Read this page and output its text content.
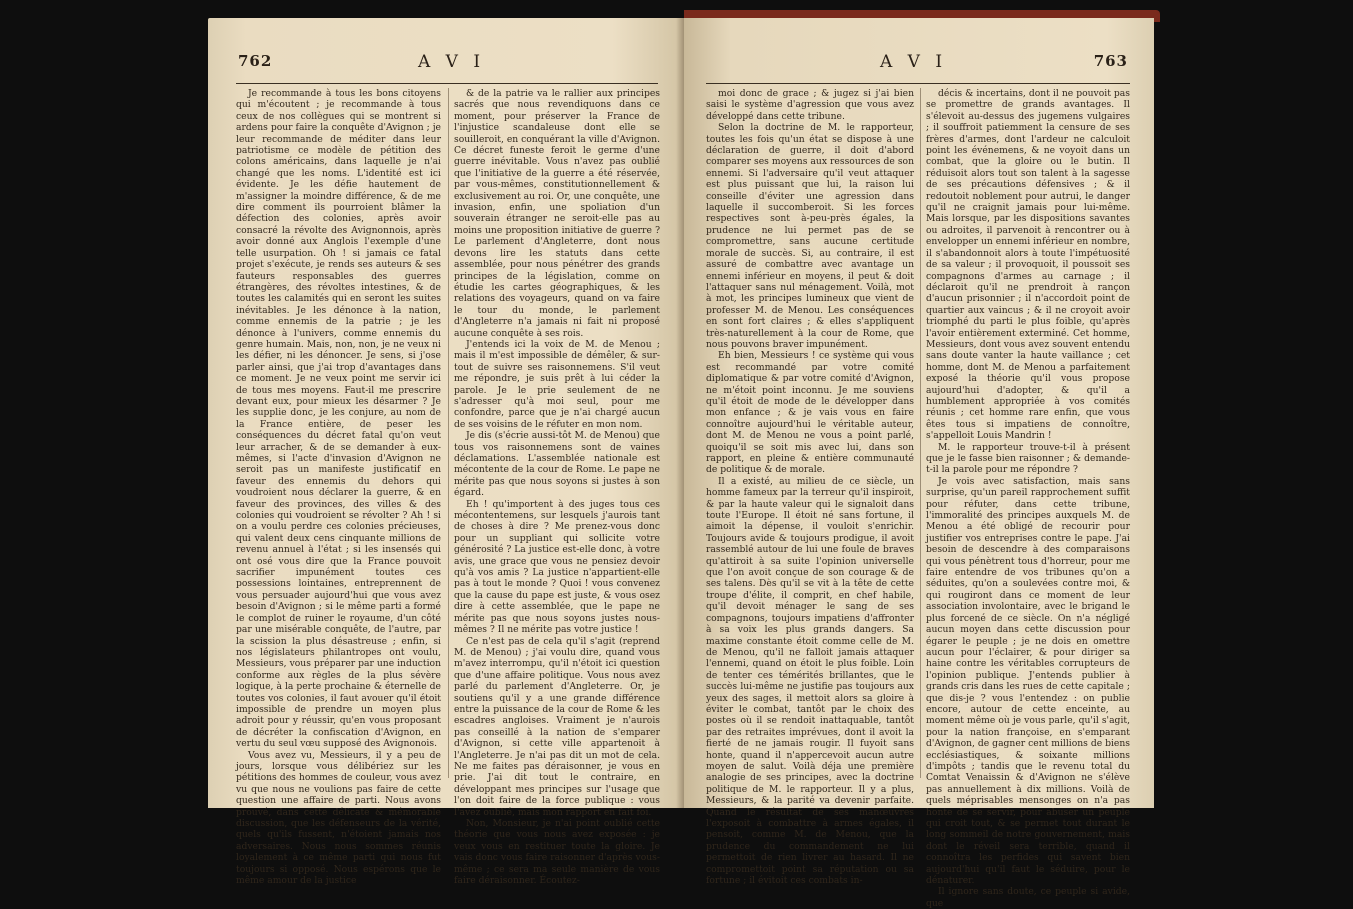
762	A V I

Je recommande à tous les bons citoyens qui m'écoutent ; je recommande à tous ceux de nos collègues qui se montrent si ardens pour faire la conquête d'Avignon ; je leur recommande de méditer dans leur patriotisme ce modèle de pétition des colons américains, dans laquelle je n'ai changé que les noms. L'identité est ici évidente. Je les défie hautement de m'assigner la moindre différence, & de me dire comment ils pourroient blâmer la défection des colonies, après avoir consacré la révolte des Avignonnois, après avoir donné aux Anglois l'exemple d'une telle usurpation. Oh ! si jamais ce fatal projet s'exécute, je rends ses auteurs & ses fauteurs responsables des guerres étrangères, des révoltes intestines, & de toutes les calamités qui en seront les suites inévitables. Je les dénonce à la nation, comme ennemis de la patrie ; je les dénonce à l'univers, comme ennemis du genre humain. Mais, non, non, je ne veux ni les défier, ni les dénoncer. Je sens, si j'ose parler ainsi, que j'ai trop d'avantages dans ce moment. Je ne veux point me servir ici de tous mes moyens. Faut-il me prescrire devant eux, pour mieux les désarmer ? Je les supplie donc, je les conjure, au nom de la France entière, de peser les conséquences du décret fatal qu'on veut leur arracher, & de se demander à eux-mêmes, si l'acte d'invasion d'Avignon ne seroit pas un manifeste justificatif en faveur des ennemis du dehors qui voudroient nous déclarer la guerre, & en faveur des provinces, des villes & des colonies qui voudroient se révolter ? Ah ! si on a voulu perdre ces colonies précieuses, qui valent deux cens cinquante millions de revenu annuel à l'état ; si les insensés qui ont osé vous dire que la France pouvoit sacrifier impunément toutes ces possessions lointaines, entreprennent de vous persuader aujourd'hui que vous avez besoin d'Avignon ; si le même parti a formé le complot de ruiner le royaume, d'un côté par une misérable conquête, de l'autre, par la scission la plus désastreuse ; enfin, si nos législateurs philantropes ont voulu, Messieurs, vous préparer par une induction conforme aux règles de la plus sévère logique, à la perte prochaine & éternelle de toutes vos colonies, il faut avouer qu'il étoit impossible de prendre un moyen plus adroit pour y réussir, qu'en vous proposant de décréter la confiscation d'Avignon, en vertu du seul vœu supposé des Avignonois.

Vous avez vu, Messieurs, il y a peu de jours, lorsque vous délibériez sur les pétitions des hommes de couleur, vous avez vu que nous ne voulions pas faire de cette question une affaire de parti. Nous avons prouvé, dans cette délicate & mémorable discussion, que les défenseurs de la vérité, quels qu'ils fussent, n'étoient jamais nos adversaires. Nous nous sommes réunis loyalement à ce même parti qui nous fut toujours si opposé. Nous espérons que le même amour de la justice

& de la patrie va le rallier aux principes sacrés que nous revendiquons dans ce moment, pour préserver la France de l'injustice scandaleuse dont elle se souilleroit, en conquérant la ville d'Avignon. Ce décret funeste feroit le germe d'une guerre inévitable. Vous n'avez pas oublié que l'initiative de la guerre a été réservée, par vous-mêmes, constitutionnellement & exclusivement au roi. Or, une conquête, une invasion, enfin, une spoliation d'un souverain étranger ne seroit-elle pas au moins une proposition initiative de guerre ? Le parlement d'Angleterre, dont nous devons lire les statuts dans cette assemblée, pour nous pénétrer des grands principes de la législation, comme on étudie les cartes géographiques, & les relations des voyageurs, quand on va faire le tour du monde, le parlement d'Angleterre n'a jamais ni fait ni proposé aucune conquête à ses rois.

J'entends ici la voix de M. de Menou ; mais il m'est impossible de démêler, & sur-tout de suivre ses raisonnemens. S'il veut me répondre, je suis prêt à lui céder la parole. Je le prie seulement de ne s'adresser qu'à moi seul, pour me confondre, parce que je n'ai chargé aucun de ses voisins de le réfuter en mon nom.

Je dis (s'écrie aussi-tôt M. de Menou) que tous vos raisonnemens sont de vaines déclamations. L'assemblée nationale est mécontente de la cour de Rome. Le pape ne mérite pas que nous soyons si justes à son égard.

Eh ! qu'importent à des juges tous ces mécontentemens, sur lesquels j'aurois tant de choses à dire ? Me prenez-vous donc pour un suppliant qui sollicite votre générosité ? La justice est-elle donc, à votre avis, une grace que vous ne pensiez devoir qu'à vos amis ? La justice n'appartient-elle pas à tout le monde ? Quoi ! vous convenez que la cause du pape est juste, & vous osez dire à cette assemblée, que le pape ne mérite pas que nous soyons justes nous-mêmes ? Il ne mérite pas votre justice !

Ce n'est pas de cela qu'il s'agit (reprend M. de Menou) ; j'ai voulu dire, quand vous m'avez interrompu, qu'il n'étoit ici question que d'une affaire politique. Vous nous avez parlé du parlement d'Angleterre. Or, je soutiens qu'il y a une grande différence entre la puissance de la cour de Rome & les escadres angloises. Vraiment je n'aurois pas conseillé à la nation de s'emparer d'Avignon, si cette ville appartenoit à l'Angleterre. Je n'ai pas dit un mot de cela. Ne me faites pas déraisonner, je vous en prie. J'ai dit tout le contraire, en développant mes principes sur l'usage que l'on doit faire de la force publique : vous l'avez oublié, mais mon rapport en fait foi.

Non, Monsieur, je n'ai point oublié cette théorie que vous nous avez exposée : je veux vous en restituer toute la gloire. Je vais donc vous faire raisonner d'après vous-même ; ce sera ma seule manière de vous faire déraisonner. Écoutez-

A V I	763

moi donc de grace ; & jugez si j'ai bien saisi le système d'agression que vous avez développé dans cette tribune.

Selon la doctrine de M. le rapporteur, toutes les fois qu'un état se dispose à une déclaration de guerre, il doit d'abord comparer ses moyens aux ressources de son ennemi. Si l'adversaire qu'il veut attaquer est plus puissant que lui, la raison lui conseille d'éviter une agression dans laquelle il succomberoit. Si les forces respectives sont à-peu-près égales, la prudence ne lui permet pas de se compromettre, sans aucune certitude morale de succès. Si, au contraire, il est assuré de combattre avec avantage un ennemi inférieur en moyens, il peut & doit l'attaquer sans nul ménagement. Voilà, mot à mot, les principes lumineux que vient de professer M. de Menou. Les conséquences en sont fort claires ; & elles s'appliquent très-naturellement à la cour de Rome, que nous pouvons braver impunément.

Eh bien, Messieurs ! ce système qui vous est recommandé par votre comité diplomatique & par votre comité d'Avignon, ne m'étoit point inconnu. Je me souviens qu'il étoit de mode de le développer dans mon enfance ; & je vais vous en faire connoître aujourd'hui le véritable auteur, dont M. de Menou ne vous a point parlé, quoiqu'il se soit mis avec lui, dans son rapport, en pleine & entière communauté de politique & de morale.

Il a existé, au milieu de ce siècle, un homme fameux par la terreur qu'il inspiroit, & par la haute valeur qui le signaloit dans toute l'Europe. Il étoit né sans fortune, il aimoit la dépense, il vouloit s'enrichir. Toujours avide & toujours prodigue, il avoit rassemblé autour de lui une foule de braves qu'attiroit à sa suite l'opinion universelle que l'on avoit conçue de son courage & de ses talens. Dès qu'il se vit à la tête de cette troupe d'élite, il comprit, en chef habile, qu'il devoit ménager le sang de ses compagnons, toujours impatiens d'affronter à sa voix les plus grands dangers. Sa maxime constante étoit comme celle de M. de Menou, qu'il ne falloit jamais attaquer l'ennemi, quand on étoit le plus foible. Loin de tenter ces témérités brillantes, que le succès lui-même ne justifie pas toujours aux yeux des sages, il mettoit alors sa gloire à éviter le combat, tantôt par le choix des postes où il se rendoit inattaquable, tantôt par des retraites imprévues, dont il avoit la fierté de ne jamais rougir. Il fuyoit sans honte, quand il n'appercevoit aucun autre moyen de salut. Voilà déja une première analogie de ses principes, avec la doctrine politique de M. le rapporteur. Il y a plus, Messieurs, & la parité va devenir parfaite. Quand le résultat de ses manœuvres l'exposoit à combattre à armes égales, il pensoit, comme M. de Menou, que la prudence du commandement ne lui permettoit de rien livrer au hasard. Il ne compromettoit point sa réputation ou sa fortune ; il évitoit ces combats in-

décis & incertains, dont il ne pouvoit pas se promettre de grands avantages. Il s'élevoit au-dessus des jugemens vulgaires ; il souffroit patiemment la censure de ses frères d'armes, dont l'ardeur ne calculoit point les événemens, & ne voyoit dans un combat, que la gloire ou le butin. Il réduisoit alors tout son talent à la sagesse de ses précautions défensives ; & il redoutoit noblement pour autrui, le danger qu'il ne craignit jamais pour lui-même. Mais lorsque, par les dispositions savantes ou adroites, il parvenoit à rencontrer ou à envelopper un ennemi inférieur en nombre, il s'abandonnoit alors à toute l'impétuosité de sa valeur ; il provoquoit, il poussoit ses compagnons d'armes au carnage ; il déclaroit qu'il ne prendroit à rançon d'aucun prisonnier ; il n'accordoit point de quartier aux vaincus ; & il ne croyoit avoir triomphé du parti le plus foible, qu'après l'avoir entièrement exterminé. Cet homme, Messieurs, dont vous avez souvent entendu sans doute vanter la haute vaillance ; cet homme, dont M. de Menou a parfaitement exposé la théorie qu'il vous propose aujourd'hui d'adopter, & qu'il a humblement appropriée à vos comités réunis ; cet homme rare enfin, que vous êtes tous si impatiens de connoître, s'appelloit Louis Mandrin !

M. le rapporteur trouve-t-il à présent que je le fasse bien raisonner ; & demande-t-il la parole pour me répondre ?

Je vois avec satisfaction, mais sans surprise, qu'un pareil rapprochement suffit pour réfuter, dans cette tribune, l'immoralité des principes auxquels M. de Menou a été obligé de recourir pour justifier vos entreprises contre le pape. J'ai besoin de descendre à des comparaisons qui vous pénètrent tous d'horreur, pour me faire entendre de vos tribunes qu'on a séduites, qu'on a soulevées contre moi, & qui rougiront dans ce moment de leur association involontaire, avec le brigand le plus forcené de ce siècle. On n'a négligé aucun moyen dans cette discussion pour égarer le peuple ; je ne dois en omettre aucun pour l'éclairer, & pour diriger sa haine contre les véritables corrupteurs de l'opinion publique. J'entends publier à grands cris dans les rues de cette capitale ; que dis-je ? vous l'entendez : on publie encore, autour de cette enceinte, au moment même où je vous parle, qu'il s'agit, pour la nation françoise, en s'emparant d'Avignon, de gagner cent millions de biens ecclésiastiques, & soixante millions d'impôts ; tandis que le revenu total du Comtat Venaissin & d'Avignon ne s'élève pas annuellement à dix millions. Voilà de quels méprisables mensonges on n'a pas honte de se servir, pour abuser un peuple qui croit tout, & se permet tout durant le long sommeil de notre gouvernement, mais dont le réveil sera terrible, quand il connoîtra les perfides qui savent bien aujourd'hui qu'il faut le séduire, pour le dénaturer.

Il ignore sans doute, ce peuple si avide, que
